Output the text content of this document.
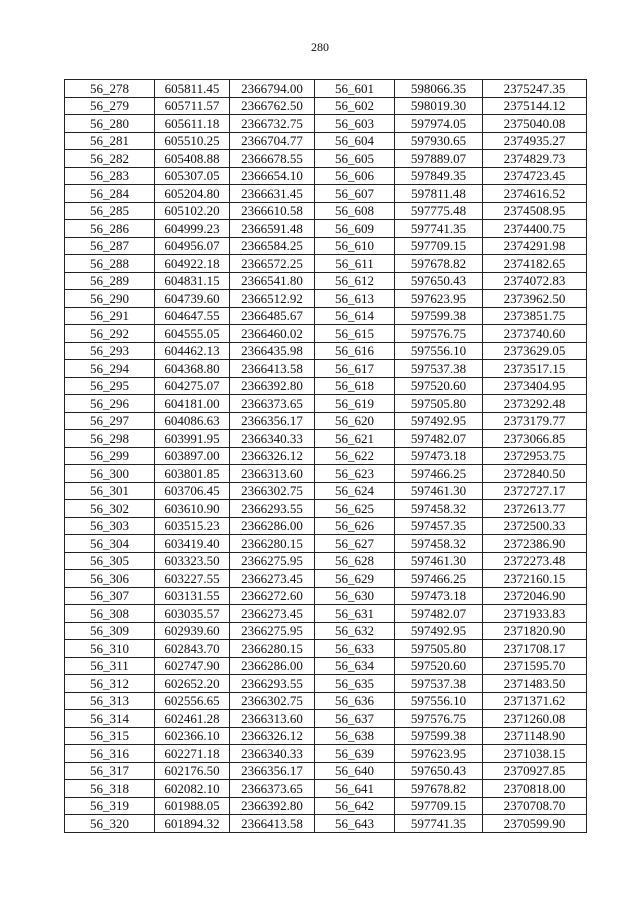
280
56_278	605811.45	2366794.00	56_601	598066.35	2375247.35
56_279	605711.57	2366762.50	56_602	598019.30	2375144.12
56_280	605611.18	2366732.75	56_603	597974.05	2375040.08
56_281	605510.25	2366704.77	56_604	597930.65	2374935.27
56_282	605408.88	2366678.55	56_605	597889.07	2374829.73
56_283	605307.05	2366654.10	56_606	597849.35	2374723.45
56_284	605204.80	2366631.45	56_607	597811.48	2374616.52
56_285	605102.20	2366610.58	56_608	597775.48	2374508.95
56_286	604999.23	2366591.48	56_609	597741.35	2374400.75
56_287	604956.07	2366584.25	56_610	597709.15	2374291.98
56_288	604922.18	2366572.25	56_611	597678.82	2374182.65
56_289	604831.15	2366541.80	56_612	597650.43	2374072.83
56_290	604739.60	2366512.92	56_613	597623.95	2373962.50
56_291	604647.55	2366485.67	56_614	597599.38	2373851.75
56_292	604555.05	2366460.02	56_615	597576.75	2373740.60
56_293	604462.13	2366435.98	56_616	597556.10	2373629.05
56_294	604368.80	2366413.58	56_617	597537.38	2373517.15
56_295	604275.07	2366392.80	56_618	597520.60	2373404.95
56_296	604181.00	2366373.65	56_619	597505.80	2373292.48
56_297	604086.63	2366356.17	56_620	597492.95	2373179.77
56_298	603991.95	2366340.33	56_621	597482.07	2373066.85
56_299	603897.00	2366326.12	56_622	597473.18	2372953.75
56_300	603801.85	2366313.60	56_623	597466.25	2372840.50
56_301	603706.45	2366302.75	56_624	597461.30	2372727.17
56_302	603610.90	2366293.55	56_625	597458.32	2372613.77
56_303	603515.23	2366286.00	56_626	597457.35	2372500.33
56_304	603419.40	2366280.15	56_627	597458.32	2372386.90
56_305	603323.50	2366275.95	56_628	597461.30	2372273.48
56_306	603227.55	2366273.45	56_629	597466.25	2372160.15
56_307	603131.55	2366272.60	56_630	597473.18	2372046.90
56_308	603035.57	2366273.45	56_631	597482.07	2371933.83
56_309	602939.60	2366275.95	56_632	597492.95	2371820.90
56_310	602843.70	2366280.15	56_633	597505.80	2371708.17
56_311	602747.90	2366286.00	56_634	597520.60	2371595.70
56_312	602652.20	2366293.55	56_635	597537.38	2371483.50
56_313	602556.65	2366302.75	56_636	597556.10	2371371.62
56_314	602461.28	2366313.60	56_637	597576.75	2371260.08
56_315	602366.10	2366326.12	56_638	597599.38	2371148.90
56_316	602271.18	2366340.33	56_639	597623.95	2371038.15
56_317	602176.50	2366356.17	56_640	597650.43	2370927.85
56_318	602082.10	2366373.65	56_641	597678.82	2370818.00
56_319	601988.05	2366392.80	56_642	597709.15	2370708.70
56_320	601894.32	2366413.58	56_643	597741.35	2370599.90
